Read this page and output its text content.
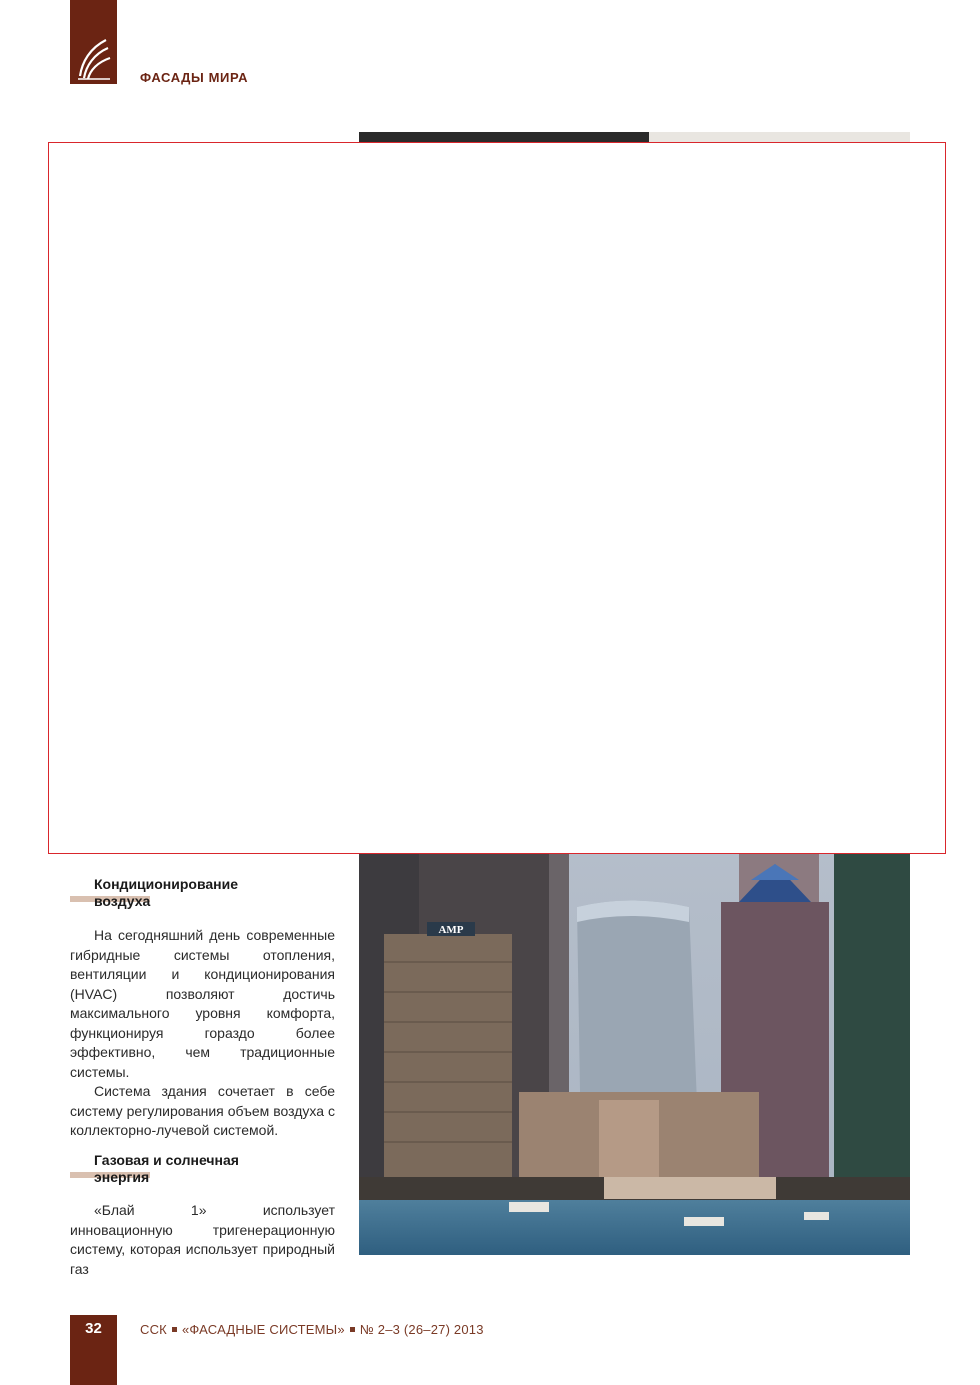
ФАСАДЫ МИРА
AMP
Кондиционирование
воздуха

На сегодняшний день современные гибридные системы отопления, вентиляции и кондиционирования (HVAC) позволяют достичь максимального уровня комфорта, функционируя гораздо более эффективно, чем традиционные системы.

Система здания сочетает в себе систему регулирования объем воздуха с коллекторно-лучевой системой.

Газовая и солнечная
энергия

«Блай 1» использует инновационную тригенерационную систему, которая использует природный газ

32	ССК «ФАСАДНЫЕ СИСТЕМЫ» № 2–3 (26–27) 2013
